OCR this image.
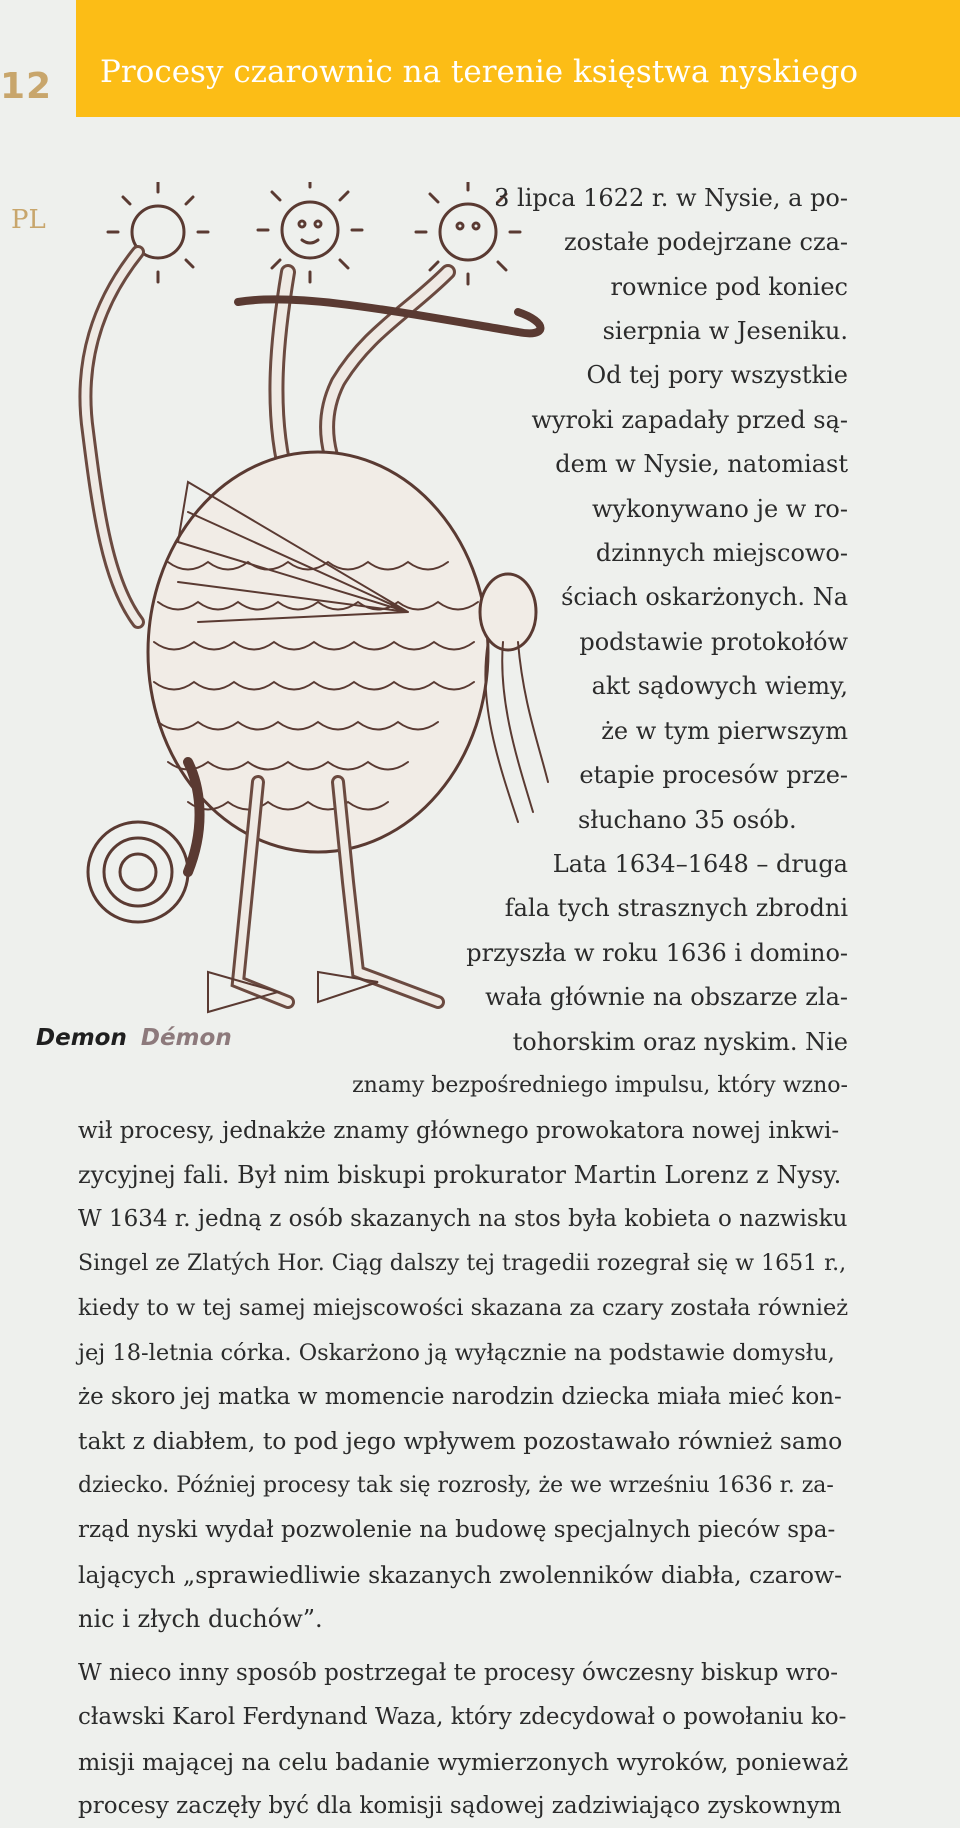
12 Procesy czarownic na terenie księstwa nyskiego
PL
Demon Démon
3 lipca 1622 r. w Nysie, a po-
zostałe podejrzane cza-
rownice pod koniec
sierpnia w Jeseniku.
Od tej pory wszystkie
wyroki zapadały przed są-
dem w Nysie, natomiast
wykonywano je w ro-
dzinnych miejscowo-
ściach oskarżonych. Na
podstawie protokołów
akt sądowych wiemy,
że w tym pierwszym
etapie procesów prze-
słuchano 35 osób.
Lata 1634–1648 – druga
fala tych strasznych zbrodni
przyszła w roku 1636 i domino-
wała głównie na obszarze zla-
tohorskim oraz nyskim. Nie
znamy bezpośredniego impulsu, który wzno-
wił procesy, jednakże znamy głównego prowokatora nowej inkwi-
zycyjnej fali. Był nim biskupi prokurator Martin Lorenz z Nysy.
W 1634 r. jedną z osób skazanych na stos była kobieta o nazwisku
Singel ze Zlatých Hor. Ciąg dalszy tej tragedii rozegrał się w 1651 r.,
kiedy to w tej samej miejscowości skazana za czary została również
jej 18-letnia córka. Oskarżono ją wyłącznie na podstawie domysłu,
że skoro jej matka w momencie narodzin dziecka miała mieć kon-
takt z diabłem, to pod jego wpływem pozostawało również samo
dziecko. Później procesy tak się rozrosły, że we wrześniu 1636 r. za-
rząd nyski wydał pozwolenie na budowę specjalnych pieców spa-
lających „sprawiedliwie skazanych zwolenników diabła, czarow-
nic i złych duchów”.
W nieco inny sposób postrzegał te procesy ówczesny biskup wro-
cławski Karol Ferdynand Waza, który zdecydował o powołaniu ko-
misji mającej na celu badanie wymierzonych wyroków, ponieważ
procesy zaczęły być dla komisji sądowej zadziwiająco zyskownym
